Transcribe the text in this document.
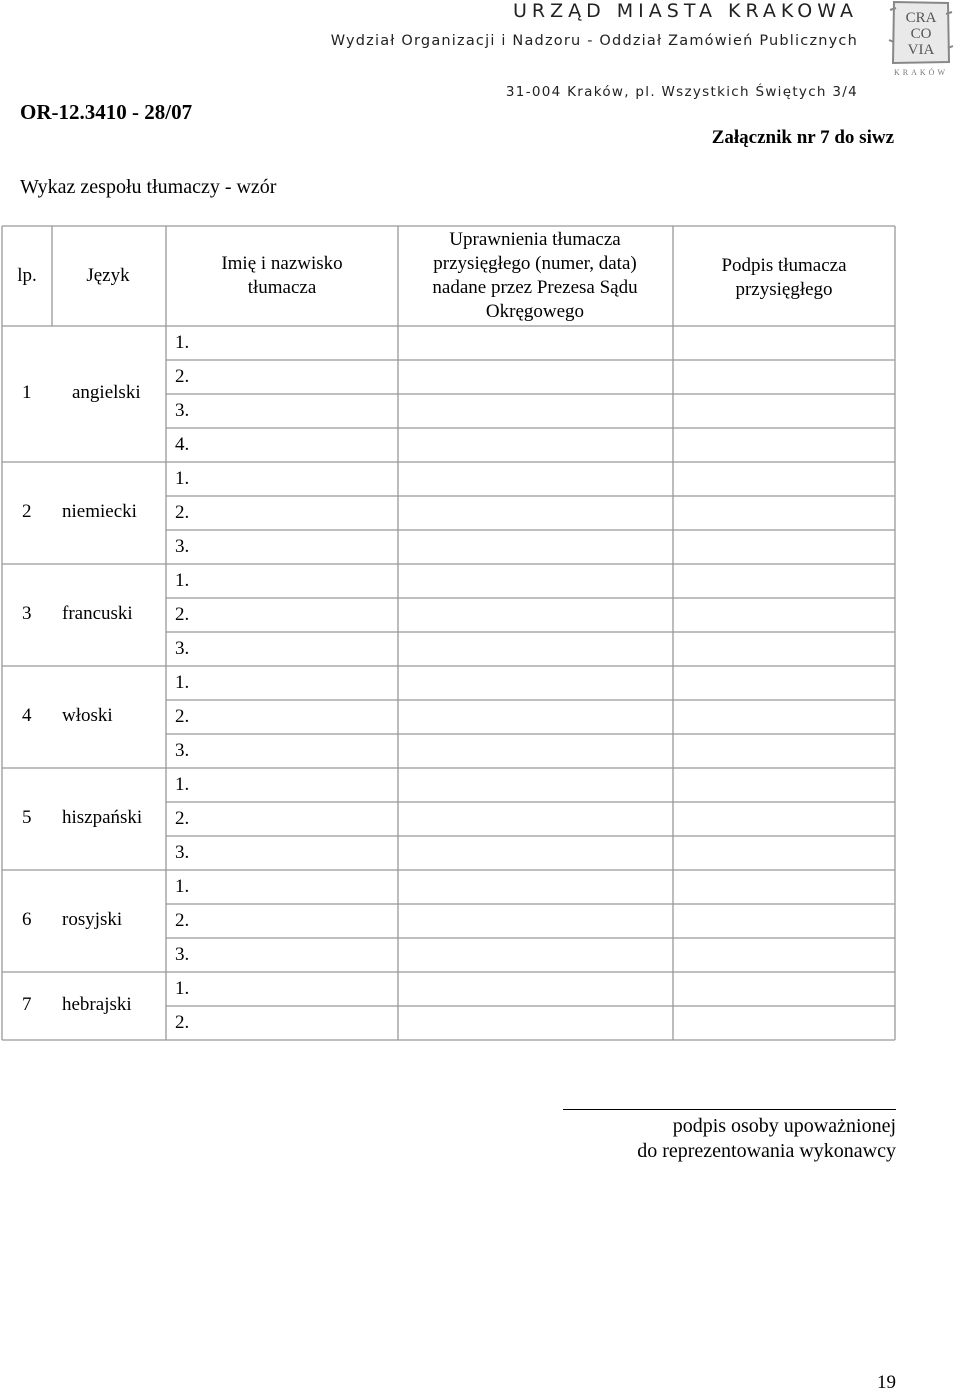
URZĄD MIASTA KRAKOWA
Wydział Organizacji i Nadzoru - Oddział Zamówień Publicznych
31-004 Kraków, pl. Wszystkich Świętych 3/4
CRA
CO
VIA
KRAKÓW
OR-12.3410 - 28/07
Załącznik nr 7 do siwz
Wykaz zespołu tłumaczy - wzór
lp.	Język
Imię i nazwisko
tłumacza
Uprawnienia tłumacza
przysięgłego (numer, data)
nadane przez Prezesa Sądu
Okręgowego
Podpis tłumacza
przysięgłego
1.
2.
3.
4.
1 angielski
1.
2.
3.
2 niemiecki
1.
2.
3.
3 francuski
1.
2.
3.
4 włoski
1.
2.
3.
5 hiszpański
1.
2.
3.
6 rosyjski
1.
2.
7 hebrajski
podpis osoby upoważnionej
do reprezentowania wykonawcy
19
